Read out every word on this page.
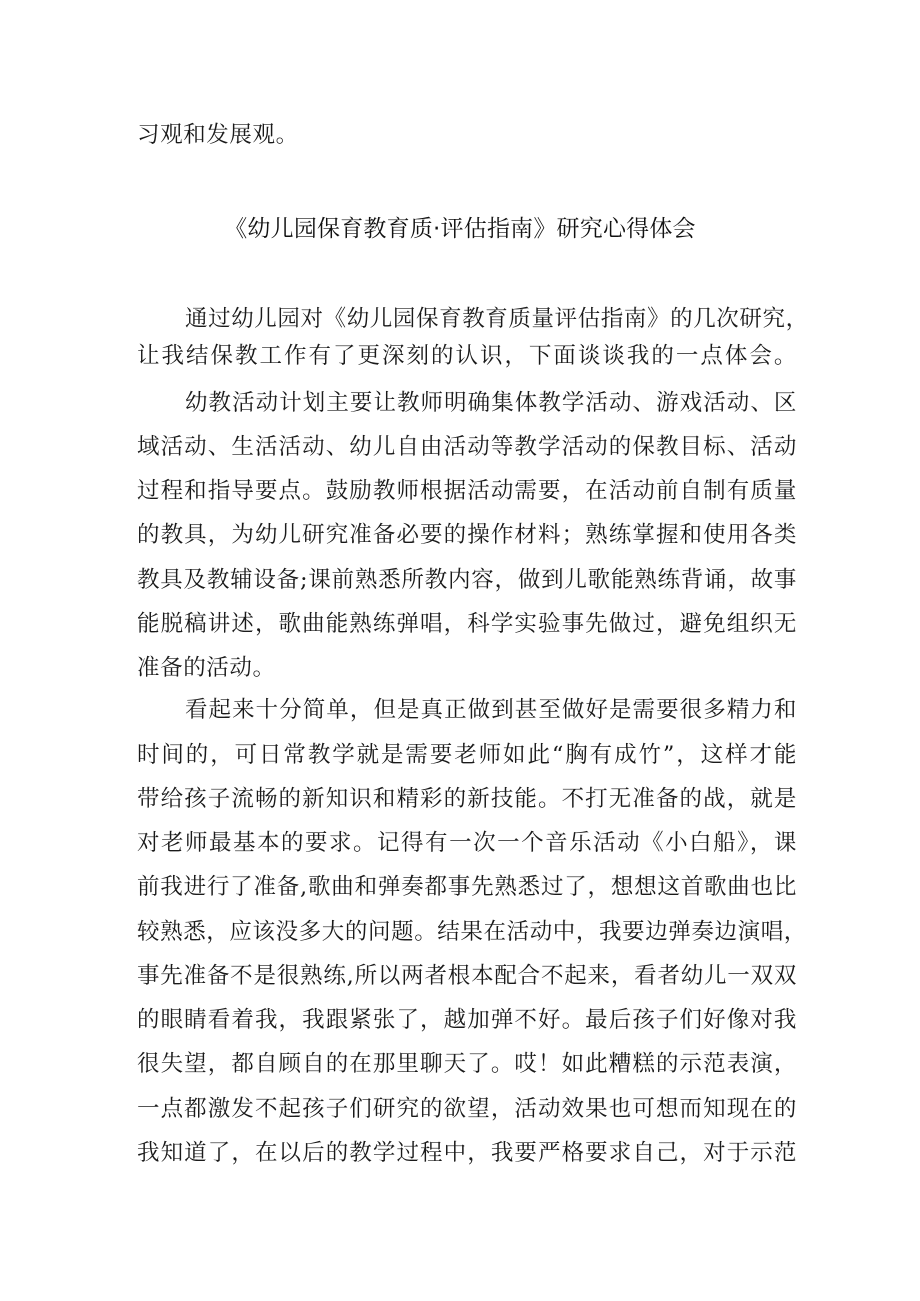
习观和发展观。
《幼儿园保育教育质·评估指南》研究心得体会
通过幼儿园对《幼儿园保育教育质量评估指南》的几次研究，
让我结保教工作有了更深刻的认识，下面谈谈我的一点体会。
幼教活动计划主要让教师明确集体教学活动、游戏活动、区
域活动、生活活动、幼儿自由活动等教学活动的保教目标、活动
过程和指导要点。鼓励教师根据活动需要，在活动前自制有质量
的教具，为幼儿研究准备必要的操作材料；熟练掌握和使用各类
教具及教辅设备;课前熟悉所教内容，做到儿歌能熟练背诵，故事
能脱稿讲述，歌曲能熟练弹唱，科学实验事先做过，避免组织无
准备的活动。
看起来十分简单，但是真正做到甚至做好是需要很多精力和
时间的，可日常教学就是需要老师如此“胸有成竹”，这样才能
带给孩子流畅的新知识和精彩的新技能。不打无准备的战，就是
对老师最基本的要求。记得有一次一个音乐活动《小白船》，课
前我进行了准备,歌曲和弹奏都事先熟悉过了，想想这首歌曲也比
较熟悉，应该没多大的问题。结果在活动中，我要边弹奏边演唱，
事先准备不是很熟练,所以两者根本配合不起来，看者幼儿一双双
的眼睛看着我，我跟紧张了，越加弹不好。最后孩子们好像对我
很失望，都自顾自的在那里聊天了。哎！如此糟糕的示范表演，
一点都激发不起孩子们研究的欲望，活动效果也可想而知现在的
我知道了，在以后的教学过程中，我要严格要求自己，对于示范
